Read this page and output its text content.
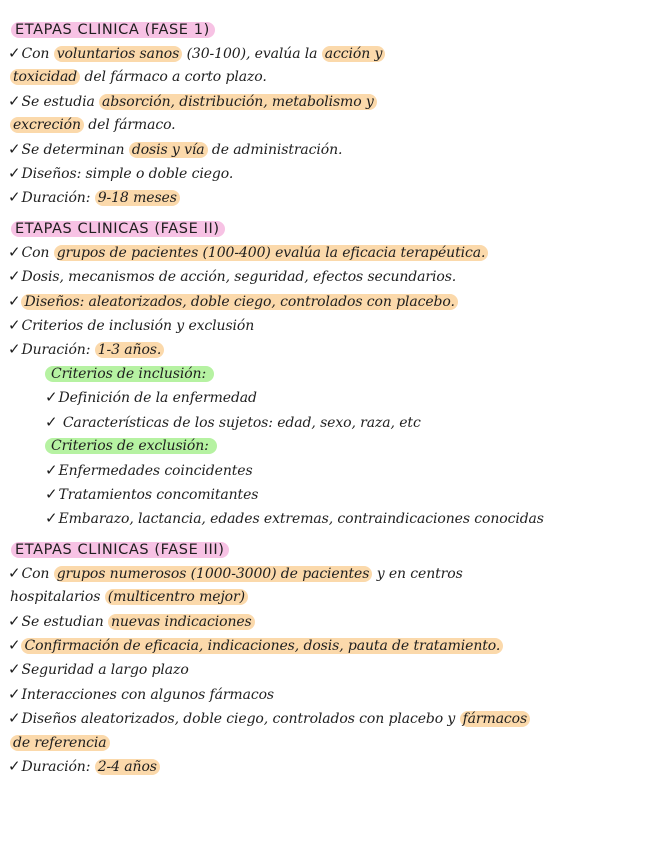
ETAPAS CLINICA (FASE 1)
✓Con voluntarios sanos (30-100), evalúa la acción y
toxicidad del fármaco a corto plazo.
✓Se estudia absorción, distribución, metabolismo y
excreción del fármaco.
✓Se determinan dosis y vía de administración.
✓Diseños: simple o doble ciego.
✓Duración: 9-18 meses
ETAPAS CLINICAS (FASE II)
✓Con grupos de pacientes (100-400) evalúa la eficacia terapéutica.
✓Dosis, mecanismos de acción, seguridad, efectos secundarios.
✓ Diseños: aleatorizados, doble ciego, controlados con placebo.
✓Criterios de inclusión y exclusión
✓Duración: 1-3 años.
Criterios de inclusión:
✓Definición de la enfermedad
✓ Características de los sujetos: edad, sexo, raza, etc
Criterios de exclusión:
✓Enfermedades coincidentes
✓Tratamientos concomitantes
✓Embarazo, lactancia, edades extremas, contraindicaciones conocidas
ETAPAS CLINICAS (FASE III)
✓Con grupos numerosos (1000-3000) de pacientes y en centros
hospitalarios (multicentro mejor)
✓Se estudian nuevas indicaciones
✓ Confirmación de eficacia, indicaciones, dosis, pauta de tratamiento.
✓Seguridad a largo plazo
✓Interacciones con algunos fármacos
✓Diseños aleatorizados, doble ciego, controlados con placebo y fármacos
de referencia
✓Duración: 2-4 años
